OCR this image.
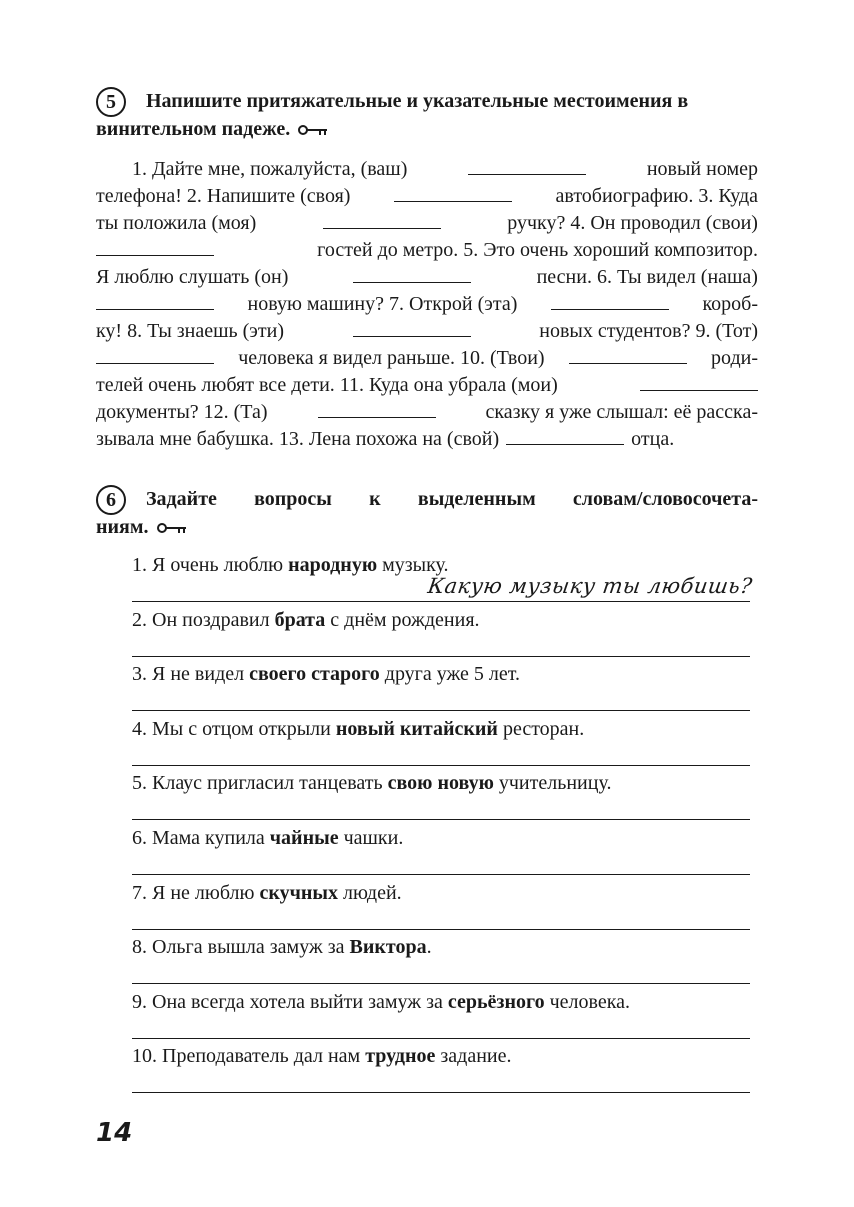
5	Напишите притяжательные и указательные местоимения в винительном падеже.

1. Дайте мне, пожалуйста, (ваш)	новый номер
телефона! 2. Напишите (своя)	автобиографию. 3. Куда
ты положила (моя)	ручку? 4. Он проводил (свои)
гостей до метро. 5. Это очень хороший композитор.
Я люблю слушать (он)	песни. 6. Ты видел (наша)
новую машину? 7. Открой (эта)	короб-
ку! 8. Ты знаешь (эти)	новых студентов? 9. (Тот)
человека я видел раньше. 10. (Твои)	роди-
телей очень любят все дети. 11. Куда она убрала (мои)
документы? 12. (Та)	сказку я уже слышал: её расска-
зывала мне бабушка. 13. Лена похожа на (свой)	отца.
6	Задайте вопросы к выделенным словам/словосочета-
ниям.

1. Я очень люблю народную музыку.

Какую музыку ты любишь?

2. Он поздравил брата с днём рождения.

3. Я не видел своего старого друга уже 5 лет.

4. Мы с отцом открыли новый китайский ресторан.

5. Клаус пригласил танцевать свою новую учительницу.

6. Мама купила чайные чашки.

7. Я не люблю скучных людей.

8. Ольга вышла замуж за Виктора.

9. Она всегда хотела выйти замуж за серьёзного человека.

10. Преподаватель дал нам трудное задание.

14
